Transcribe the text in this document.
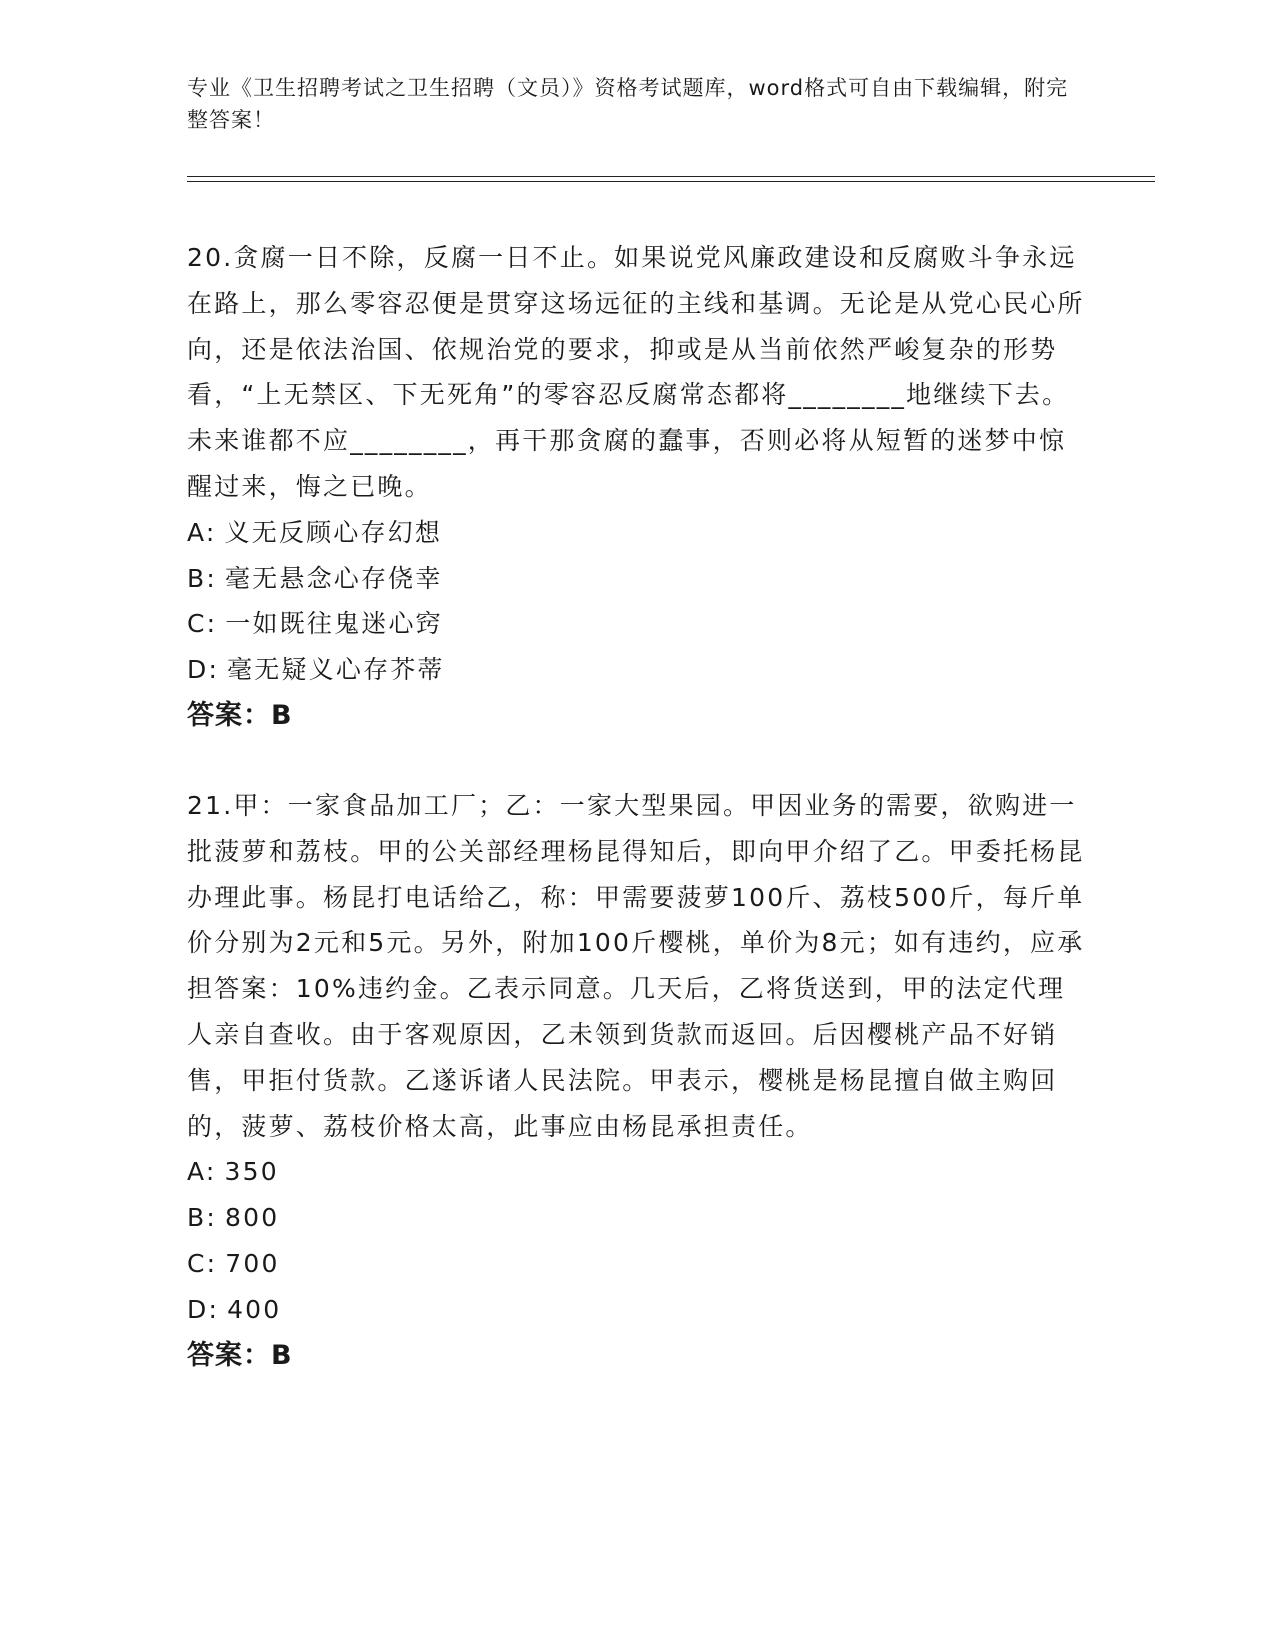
专业《卫生招聘考试之卫生招聘（文员）》资格考试题库，word格式可自由下载编辑，附完整答案！

20.贪腐一日不除，反腐一日不止。如果说党风廉政建设和反腐败斗争永远在路上，那么零容忍便是贯穿这场远征的主线和基调。无论是从党心民心所向，还是依法治国、依规治党的要求，抑或是从当前依然严峻复杂的形势看，“上无禁区、下无死角”的零容忍反腐常态都将________地继续下去。未来谁都不应________，再干那贪腐的蠢事，否则必将从短暂的迷梦中惊醒过来，悔之已晚。

A: 义无反顾心存幻想

B: 毫无悬念心存侥幸

C: 一如既往鬼迷心窍

D: 毫无疑义心存芥蒂

答案：B

21.甲：一家食品加工厂；乙：一家大型果园。甲因业务的需要，欲购进一批菠萝和荔枝。甲的公关部经理杨昆得知后，即向甲介绍了乙。甲委托杨昆办理此事。杨昆打电话给乙，称：甲需要菠萝100斤、荔枝500斤，每斤单价分别为2元和5元。另外，附加100斤樱桃，单价为8元；如有违约，应承担答案：10%违约金。乙表示同意。几天后，乙将货送到，甲的法定代理人亲自查收。由于客观原因，乙未领到货款而返回。后因樱桃产品不好销售，甲拒付货款。乙遂诉诸人民法院。甲表示，樱桃是杨昆擅自做主购回的，菠萝、荔枝价格太高，此事应由杨昆承担责任。

A: 350

B: 800

C: 700

D: 400

答案：B
